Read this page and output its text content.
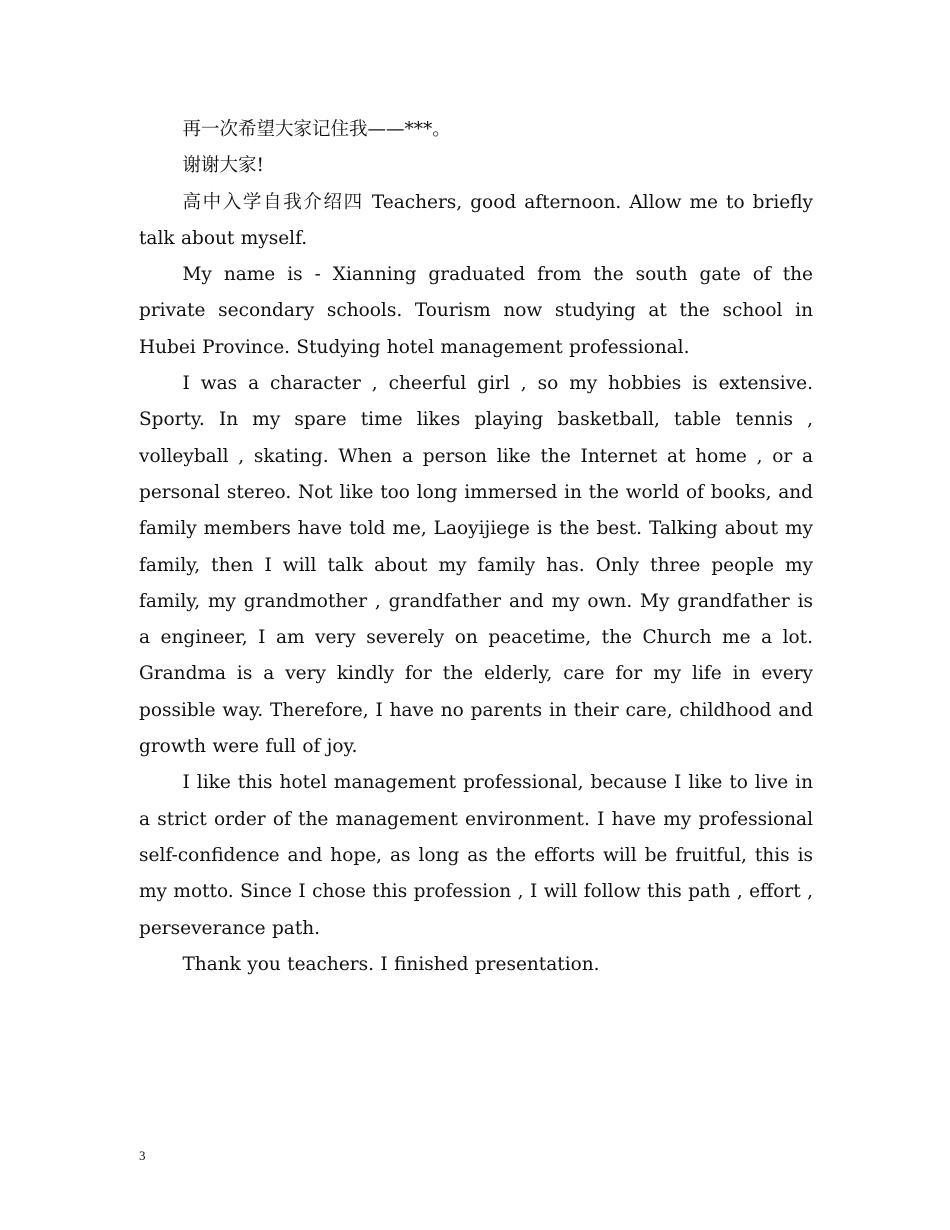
再一次希望大家记住我——***。

谢谢大家!

高中入学自我介绍四 Teachers, good afternoon. Allow me to briefly talk about myself.

My name is - Xianning graduated from the south gate of the private secondary schools. Tourism now studying at the school in Hubei Province. Studying hotel management professional.

I was a character , cheerful girl , so my hobbies is extensive. Sporty. In my spare time likes playing basketball, table tennis , volleyball , skating. When a person like the Internet at home , or a personal stereo. Not like too long immersed in the world of books, and family members have told me, Laoyijiege is the best. Talking about my family, then I will talk about my family has. Only three people my family, my grandmother , grandfather and my own. My grandfather is a engineer, I am very severely on peacetime, the Church me a lot. Grandma is a very kindly for the elderly, care for my life in every possible way. Therefore, I have no parents in their care, childhood and growth were full of joy.

I like this hotel management professional, because I like to live in a strict order of the management environment. I have my professional self-confidence and hope, as long as the efforts will be fruitful, this is my motto. Since I chose this profession , I will follow this path , effort , perseverance path.

Thank you teachers. I finished presentation.

3
